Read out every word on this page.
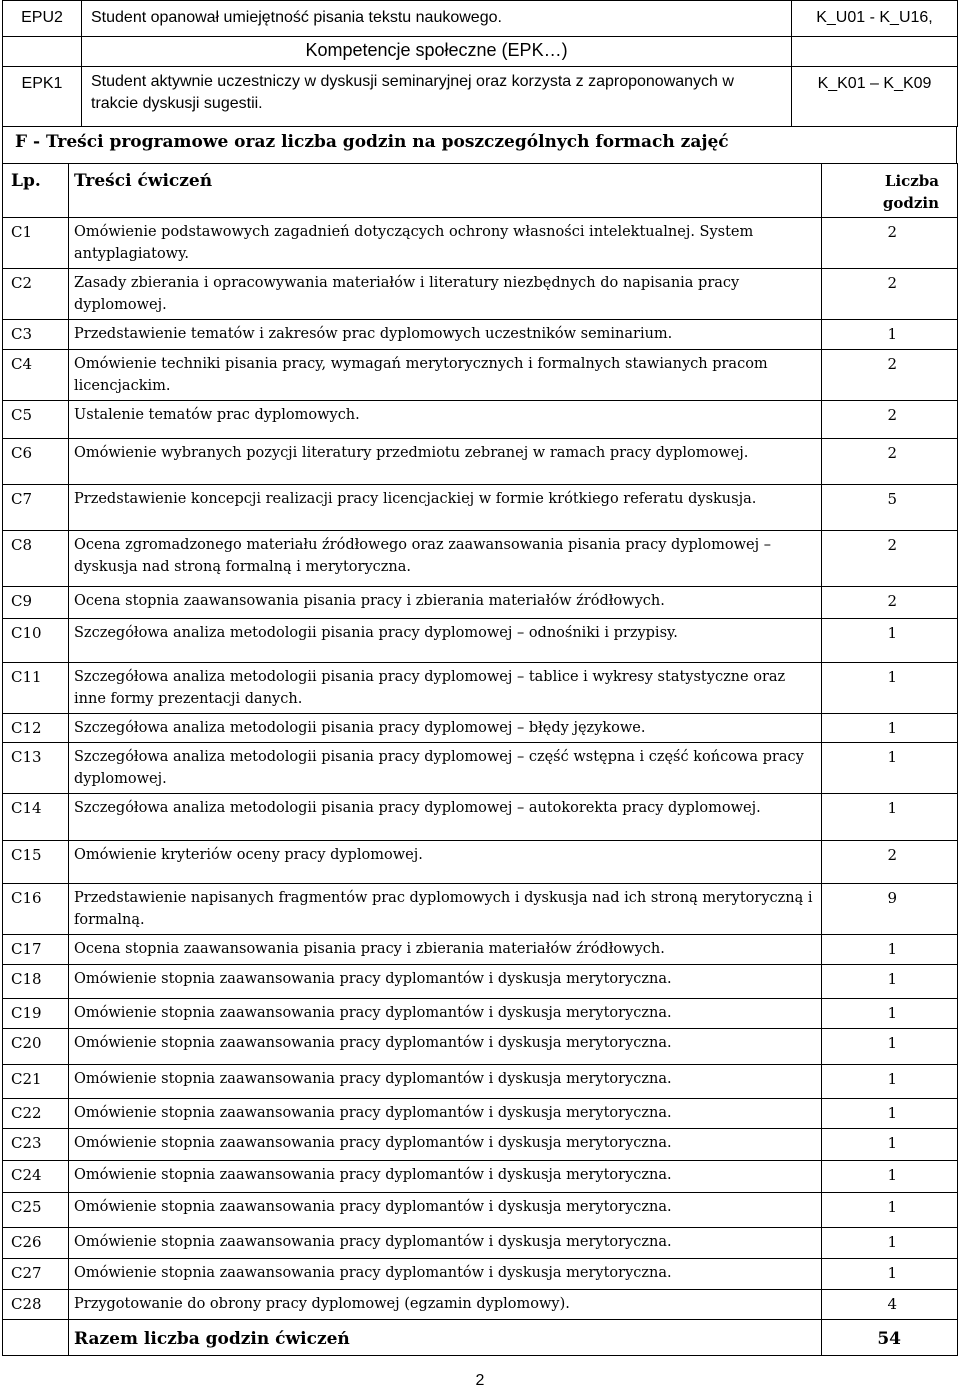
EPU2	Student opanował umiejętność pisania tekstu naukowego.	K_U01 - K_U16,
	Kompetencje społeczne (EPK…)	
EPK1	Student aktywnie uczestniczy w dyskusji seminaryjnej oraz korzysta z zaproponowanych w trakcie dyskusji sugestii.	K_K01 – K_K09
F - Treści programowe oraz liczba godzin na poszczególnych formach zajęć
Lp.	Treści ćwiczeń	Liczba godzin
C1	Omówienie podstawowych zagadnień dotyczących ochrony własności intelektualnej. System antyplagiatowy.	2
C2	Zasady zbierania i opracowywania materiałów i literatury niezbędnych do napisania pracy dyplomowej.	2
C3	Przedstawienie tematów i zakresów prac dyplomowych uczestników seminarium.	1
C4	Omówienie techniki pisania pracy, wymagań merytorycznych i formalnych stawianych pracom licencjackim.	2
C5	Ustalenie tematów prac dyplomowych.	2
C6	Omówienie wybranych pozycji literatury przedmiotu zebranej w ramach pracy dyplomowej.	2
C7	Przedstawienie koncepcji realizacji pracy licencjackiej w formie krótkiego referatu dyskusja.	5
C8	Ocena zgromadzonego materiału źródłowego oraz zaawansowania pisania pracy dyplomowej – dyskusja nad stroną formalną i merytoryczna.	2
C9	Ocena stopnia zaawansowania pisania pracy i zbierania materiałów źródłowych.	2
C10	Szczegółowa analiza metodologii pisania pracy dyplomowej – odnośniki i przypisy.	1
C11	Szczegółowa analiza metodologii pisania pracy dyplomowej – tablice i wykresy statystyczne oraz inne formy prezentacji danych.	1
C12	Szczegółowa analiza metodologii pisania pracy dyplomowej – błędy językowe.	1
C13	Szczegółowa analiza metodologii pisania pracy dyplomowej – część wstępna i część końcowa pracy dyplomowej.	1
C14	Szczegółowa analiza metodologii pisania pracy dyplomowej – autokorekta pracy dyplomowej.	1
C15	Omówienie kryteriów oceny pracy dyplomowej.	2
C16	Przedstawienie napisanych fragmentów prac dyplomowych i dyskusja nad ich stroną merytoryczną i formalną.	9
C17	Ocena stopnia zaawansowania pisania pracy i zbierania materiałów źródłowych.	1
C18	Omówienie stopnia zaawansowania pracy dyplomantów i dyskusja merytoryczna.	1
C19	Omówienie stopnia zaawansowania pracy dyplomantów i dyskusja merytoryczna.	1
C20	Omówienie stopnia zaawansowania pracy dyplomantów i dyskusja merytoryczna.	1
C21	Omówienie stopnia zaawansowania pracy dyplomantów i dyskusja merytoryczna.	1
C22	Omówienie stopnia zaawansowania pracy dyplomantów i dyskusja merytoryczna.	1
C23	Omówienie stopnia zaawansowania pracy dyplomantów i dyskusja merytoryczna.	1
C24	Omówienie stopnia zaawansowania pracy dyplomantów i dyskusja merytoryczna.	1
C25	Omówienie stopnia zaawansowania pracy dyplomantów i dyskusja merytoryczna.	1
C26	Omówienie stopnia zaawansowania pracy dyplomantów i dyskusja merytoryczna.	1
C27	Omówienie stopnia zaawansowania pracy dyplomantów i dyskusja merytoryczna.	1
C28	Przygotowanie do obrony pracy dyplomowej (egzamin dyplomowy).	4
	Razem liczba godzin ćwiczeń	54
2
